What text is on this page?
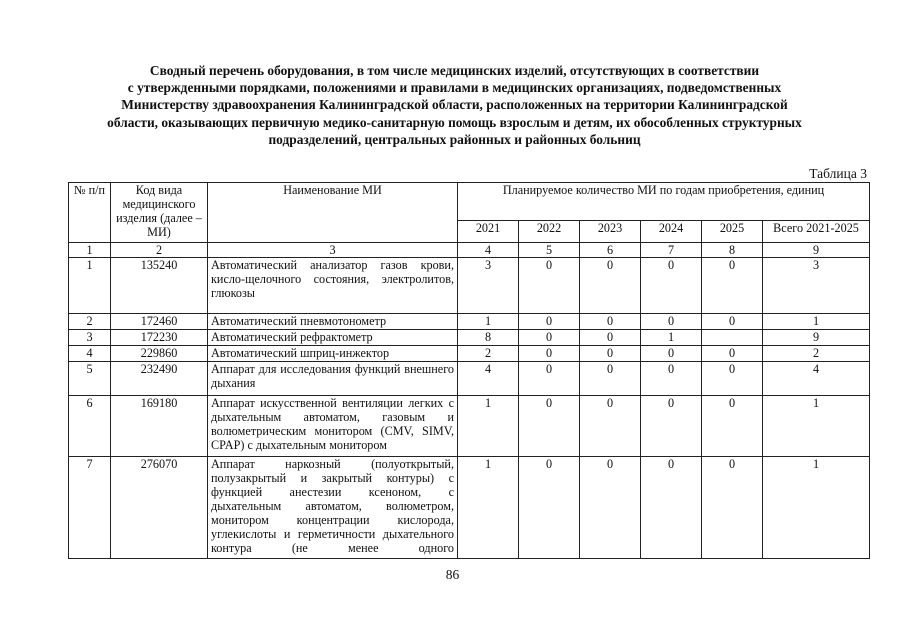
Сводный перечень оборудования, в том числе медицинских изделий, отсутствующих в соответствии
с утвержденными порядками, положениями и правилами в медицинских организациях, подведомственных
Министерству здравоохранения Калининградской области, расположенных на территории Калининградской
области, оказывающих первичную медико-санитарную помощь взрослым и детям, их обособленных структурных
подразделений, центральных районных и районных больниц
Таблица 3
№ п/п	Код вида медицинского изделия (далее – МИ)	Наименование МИ	Планируемое количество МИ по годам приобретения, единиц					
			2021	2022	2023	2024	2025	Всего 2021-2025
1	2	3	4	5	6	7	8	9
1	135240	Автоматический анализатор газов крови, кисло-щелочного состояния, электролитов, глюкозы	3	0	0	0	0	3
2	172460	Автоматический пневмотонометр	1	0	0	0	0	1
3	172230	Автоматический рефрактометр	8	0	0	1		9
4	229860	Автоматический шприц-инжектор	2	0	0	0	0	2
5	232490	Аппарат для исследования функций внешнего дыхания	4	0	0	0	0	4
6	169180	Аппарат искусственной вентиляции легких с дыхательным автоматом, газовым и волюметрическим монитором (CMV, SIMV, CPAP) с дыхательным монитором	1	0	0	0	0	1
7	276070	Аппарат наркозный (полуоткрытый, полузакрытый и закрытый контуры) с функцией анестезии ксеноном, с дыхательным автоматом, волюметром, монитором концентрации кислорода, углекислоты и герметичности дыхательного контура (не менее одного	1	0	0	0	0	1
86
